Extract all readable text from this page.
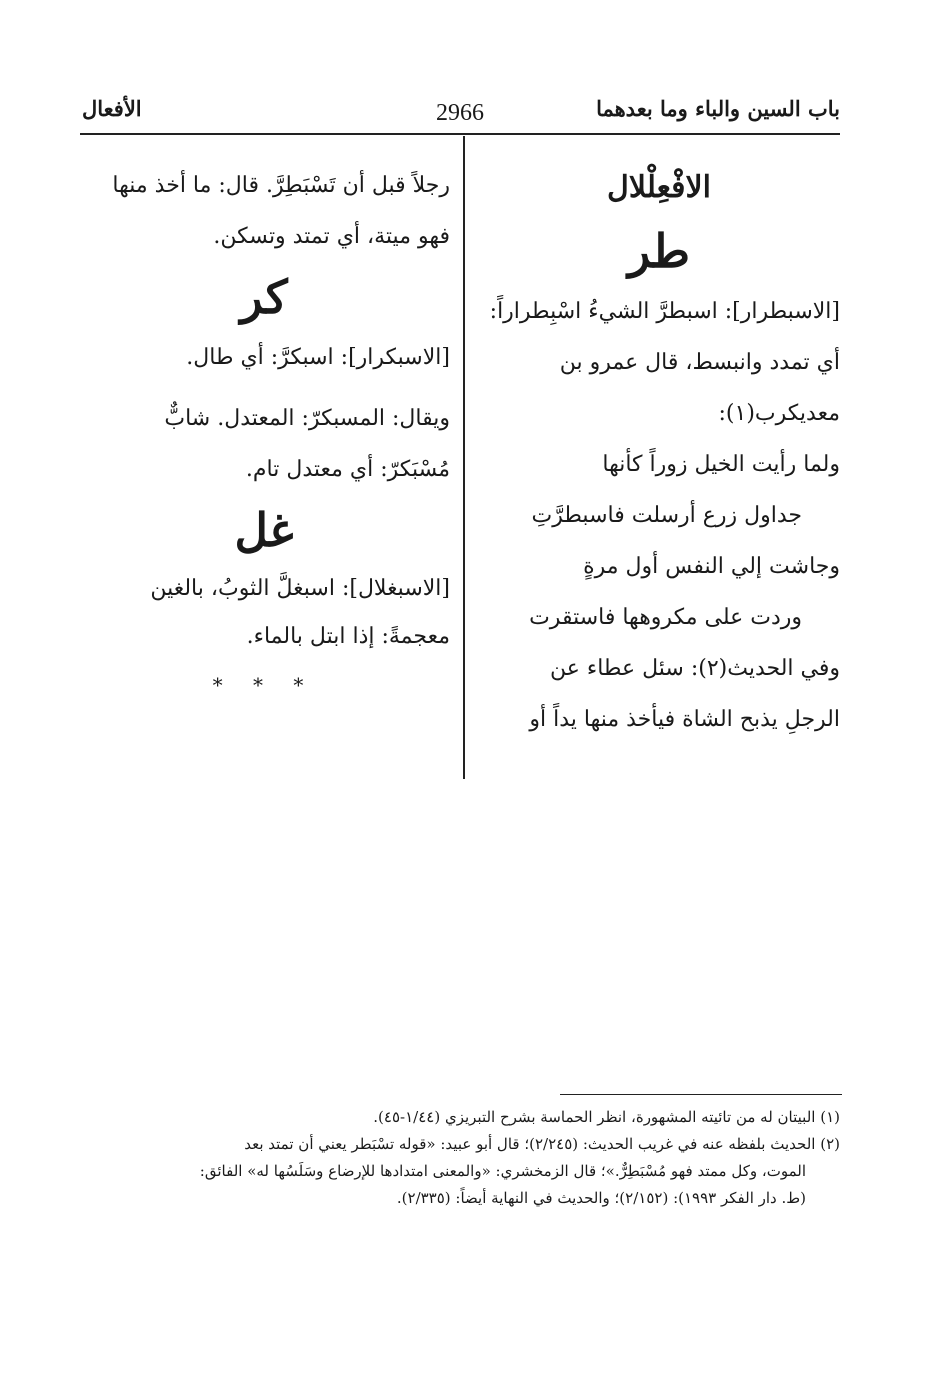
باب السين والباء وما بعدهما
2966
الأفعال
الافْعِلْلال
طر
[الاسبطرار]: اسبطرَّ الشيءُ اسْبِطراراً:
أي تمدد وانبسط، قال عمرو بن
معديكرب(١):
ولما رأيت الخيل زوراً كأنها
جداول زرع أرسلت فاسبطرَّتِ
وجاشت إلي النفس أول مرةٍ
وردت على مكروهها فاستقرت
وفي الحديث(٢): سئل عطاء عن
الرجلِ يذبح الشاة فيأخذ منها يداً أو
رجلاً قبل أن تَسْبَطِرَّ. قال: ما أخذ منها
فهو ميتة، أي تمتد وتسكن.
كر
[الاسبكرار]: اسبكرَّ: أي طال.
ويقال: المسبكرّ: المعتدل. شابٌّ
مُسْبَكرّ: أي معتدل تام.
غل
[الاسبغلال]: اسبغلَّ الثوبُ، بالغين
معجمةً: إذا ابتل بالماء.
* * *
(١) البيتان له من تائيته المشهورة، انظر الحماسة بشرح التبريزي (١/٤٤-٤٥).
(٢) الحديث بلفظه عنه في غريب الحديث: (٢/٢٤٥)؛ قال أبو عبيد: «قوله تسْبَطر يعني أن تمتد بعد
الموت، وكل ممتد فهو مُسْبَطِرٌّ.»؛ قال الزمخشري: «والمعنى امتدادها للإرضاع وسَلَسُها له» الفائق:
(ط. دار الفكر ١٩٩٣): (٢/١٥٢)؛ والحديث في النهاية أيضاً: (٢/٣٣٥).
